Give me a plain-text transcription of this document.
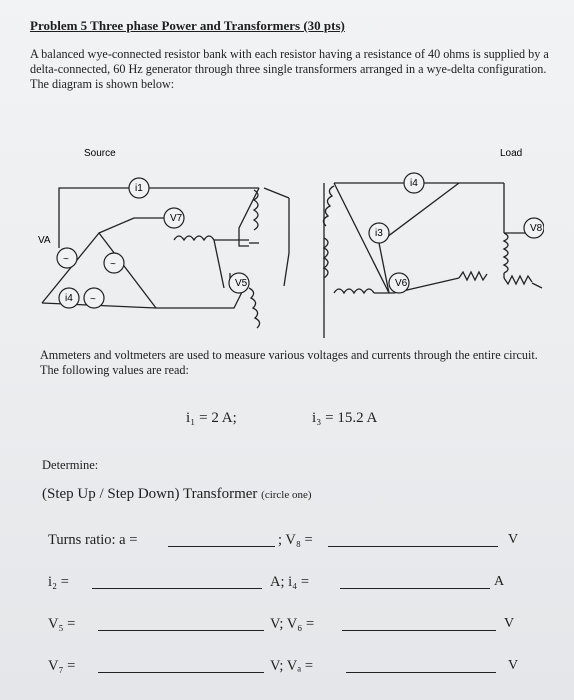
Problem 5 Three phase Power and Transformers (30 pts)
A balanced wye-connected resistor bank with each resistor having a resistance of 40 ohms is supplied by a delta-connected, 60 Hz generator through three single transformers arranged in a wye-delta configuration. The diagram is shown below:
Source	Load
VA
i1
V7
V5
i4
i3
V6
V8
i4
~	~
~
Ammeters and voltmeters are used to measure various voltages and currents through the entire circuit. The following values are read:
i₁ = 2 A;	i₃ = 15.2 A
Determine:
(Step Up / Step Down) Transformer (circle one)
Turns ratio: a =	; V₈ =	V
i₂ =	A; i₄ =	A
V₅ =	V; V₆ =	V
V₇ =	V; Vₐ =	V
